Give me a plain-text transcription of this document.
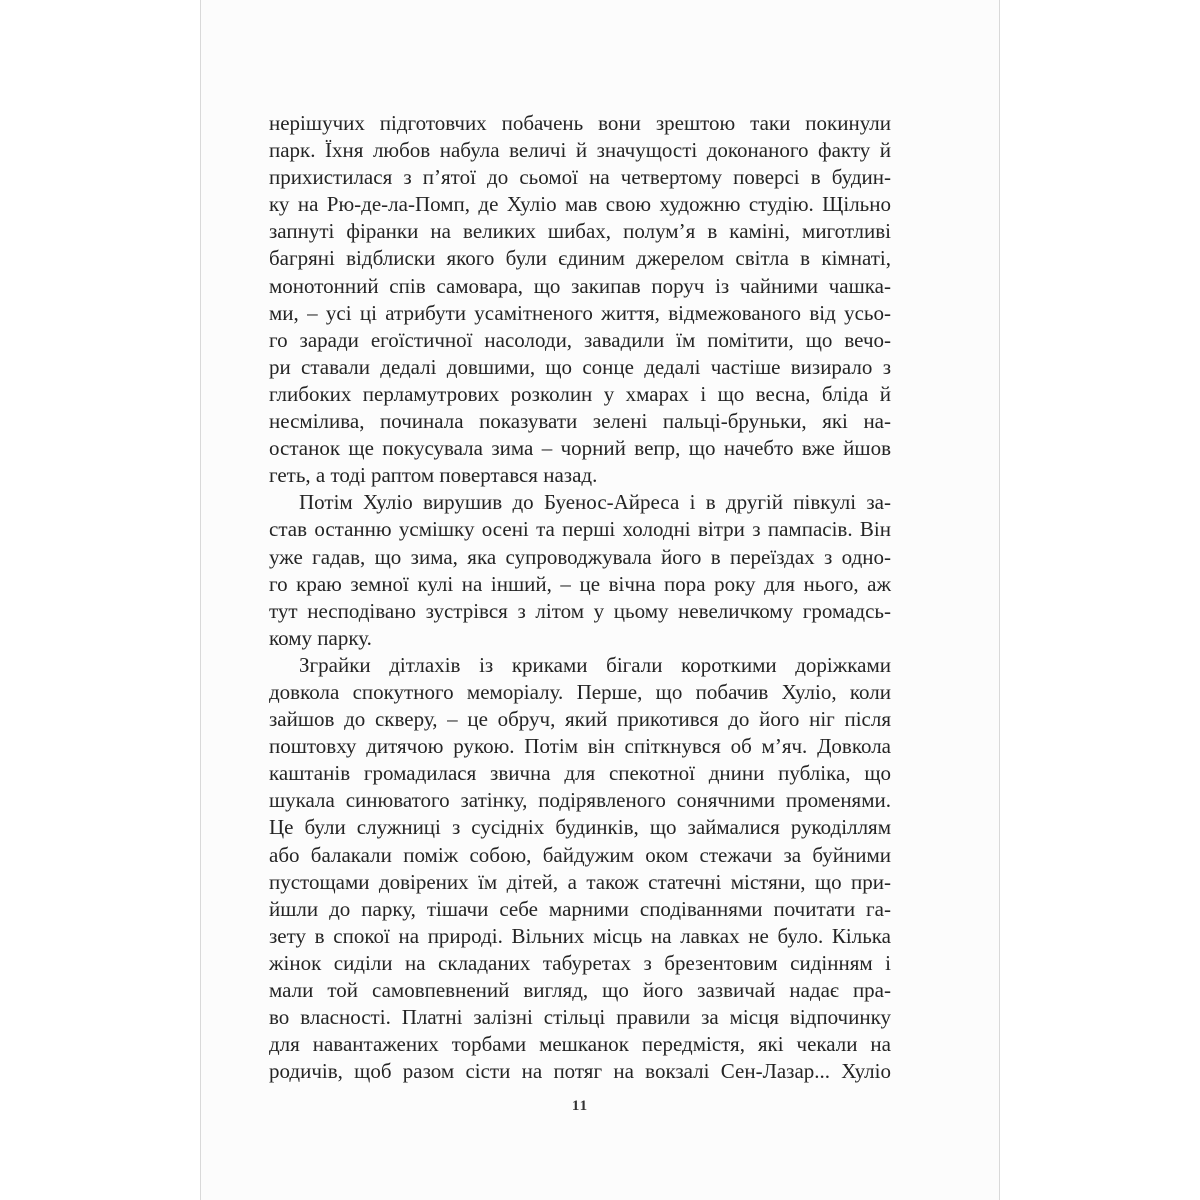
нерішучих підготовчих побачень вони зрештою таки покинули
парк. Їхня любов набула величі й значущості доконаного факту й
прихистилася з п’ятої до сьомої на четвертому поверсі в будин-
ку на Рю-де-ла-Помп, де Хуліо мав свою художню студію. Щільно
запнуті фіранки на великих шибах, полум’я в каміні, миготливі
багряні відблиски якого були єдиним джерелом світла в кімнаті,
монотонний спів самовара, що закипав поруч із чайними чашка-
ми, – усі ці атрибути усамітненого життя, відмежованого від усьо-
го заради егоїстичної насолоди, завадили їм помітити, що вечо-
ри ставали дедалі довшими, що сонце дедалі частіше визирало з
глибоких перламутрових розколин у хмарах і що весна, бліда й
несмілива, починала показувати зелені пальці-бруньки, які на-
останок ще покусувала зима – чорний вепр, що начебто вже йшов
геть, а тоді раптом повертався назад.
Потім Хуліо вирушив до Буенос-Айреса і в другій півкулі за-
став останню усмішку осені та перші холодні вітри з пампасів. Він
уже гадав, що зима, яка супроводжувала його в переїздах з одно-
го краю земної кулі на інший, – це вічна пора року для нього, аж
тут несподівано зустрівся з літом у цьому невеличкому громадсь-
кому парку.
Зграйки дітлахів із криками бігали короткими доріжками
довкола спокутного меморіалу. Перше, що побачив Хуліо, коли
зайшов до скверу, – це обруч, який прикотився до його ніг після
поштовху дитячою рукою. Потім він спіткнувся об м’яч. Довкола
каштанів громадилася звична для спекотної днини публіка, що
шукала синюватого затінку, подірявленого сонячними променями.
Це були служниці з сусідніх будинків, що займалися рукоділлям
або балакали поміж собою, байдужим оком стежачи за буйними
пустощами довірених їм дітей, а також статечні містяни, що при-
йшли до парку, тішачи себе марними сподіваннями почитати га-
зету в спокої на природі. Вільних місць на лавках не було. Кілька
жінок сиділи на складаних табуретах з брезентовим сидінням і
мали той самовпевнений вигляд, що його зазвичай надає пра-
во власності. Платні залізні стільці правили за місця відпочинку
для навантажених торбами мешканок передмістя, які чекали на
родичів, щоб разом сісти на потяг на вокзалі Сен-Лазар... Хуліо
11
